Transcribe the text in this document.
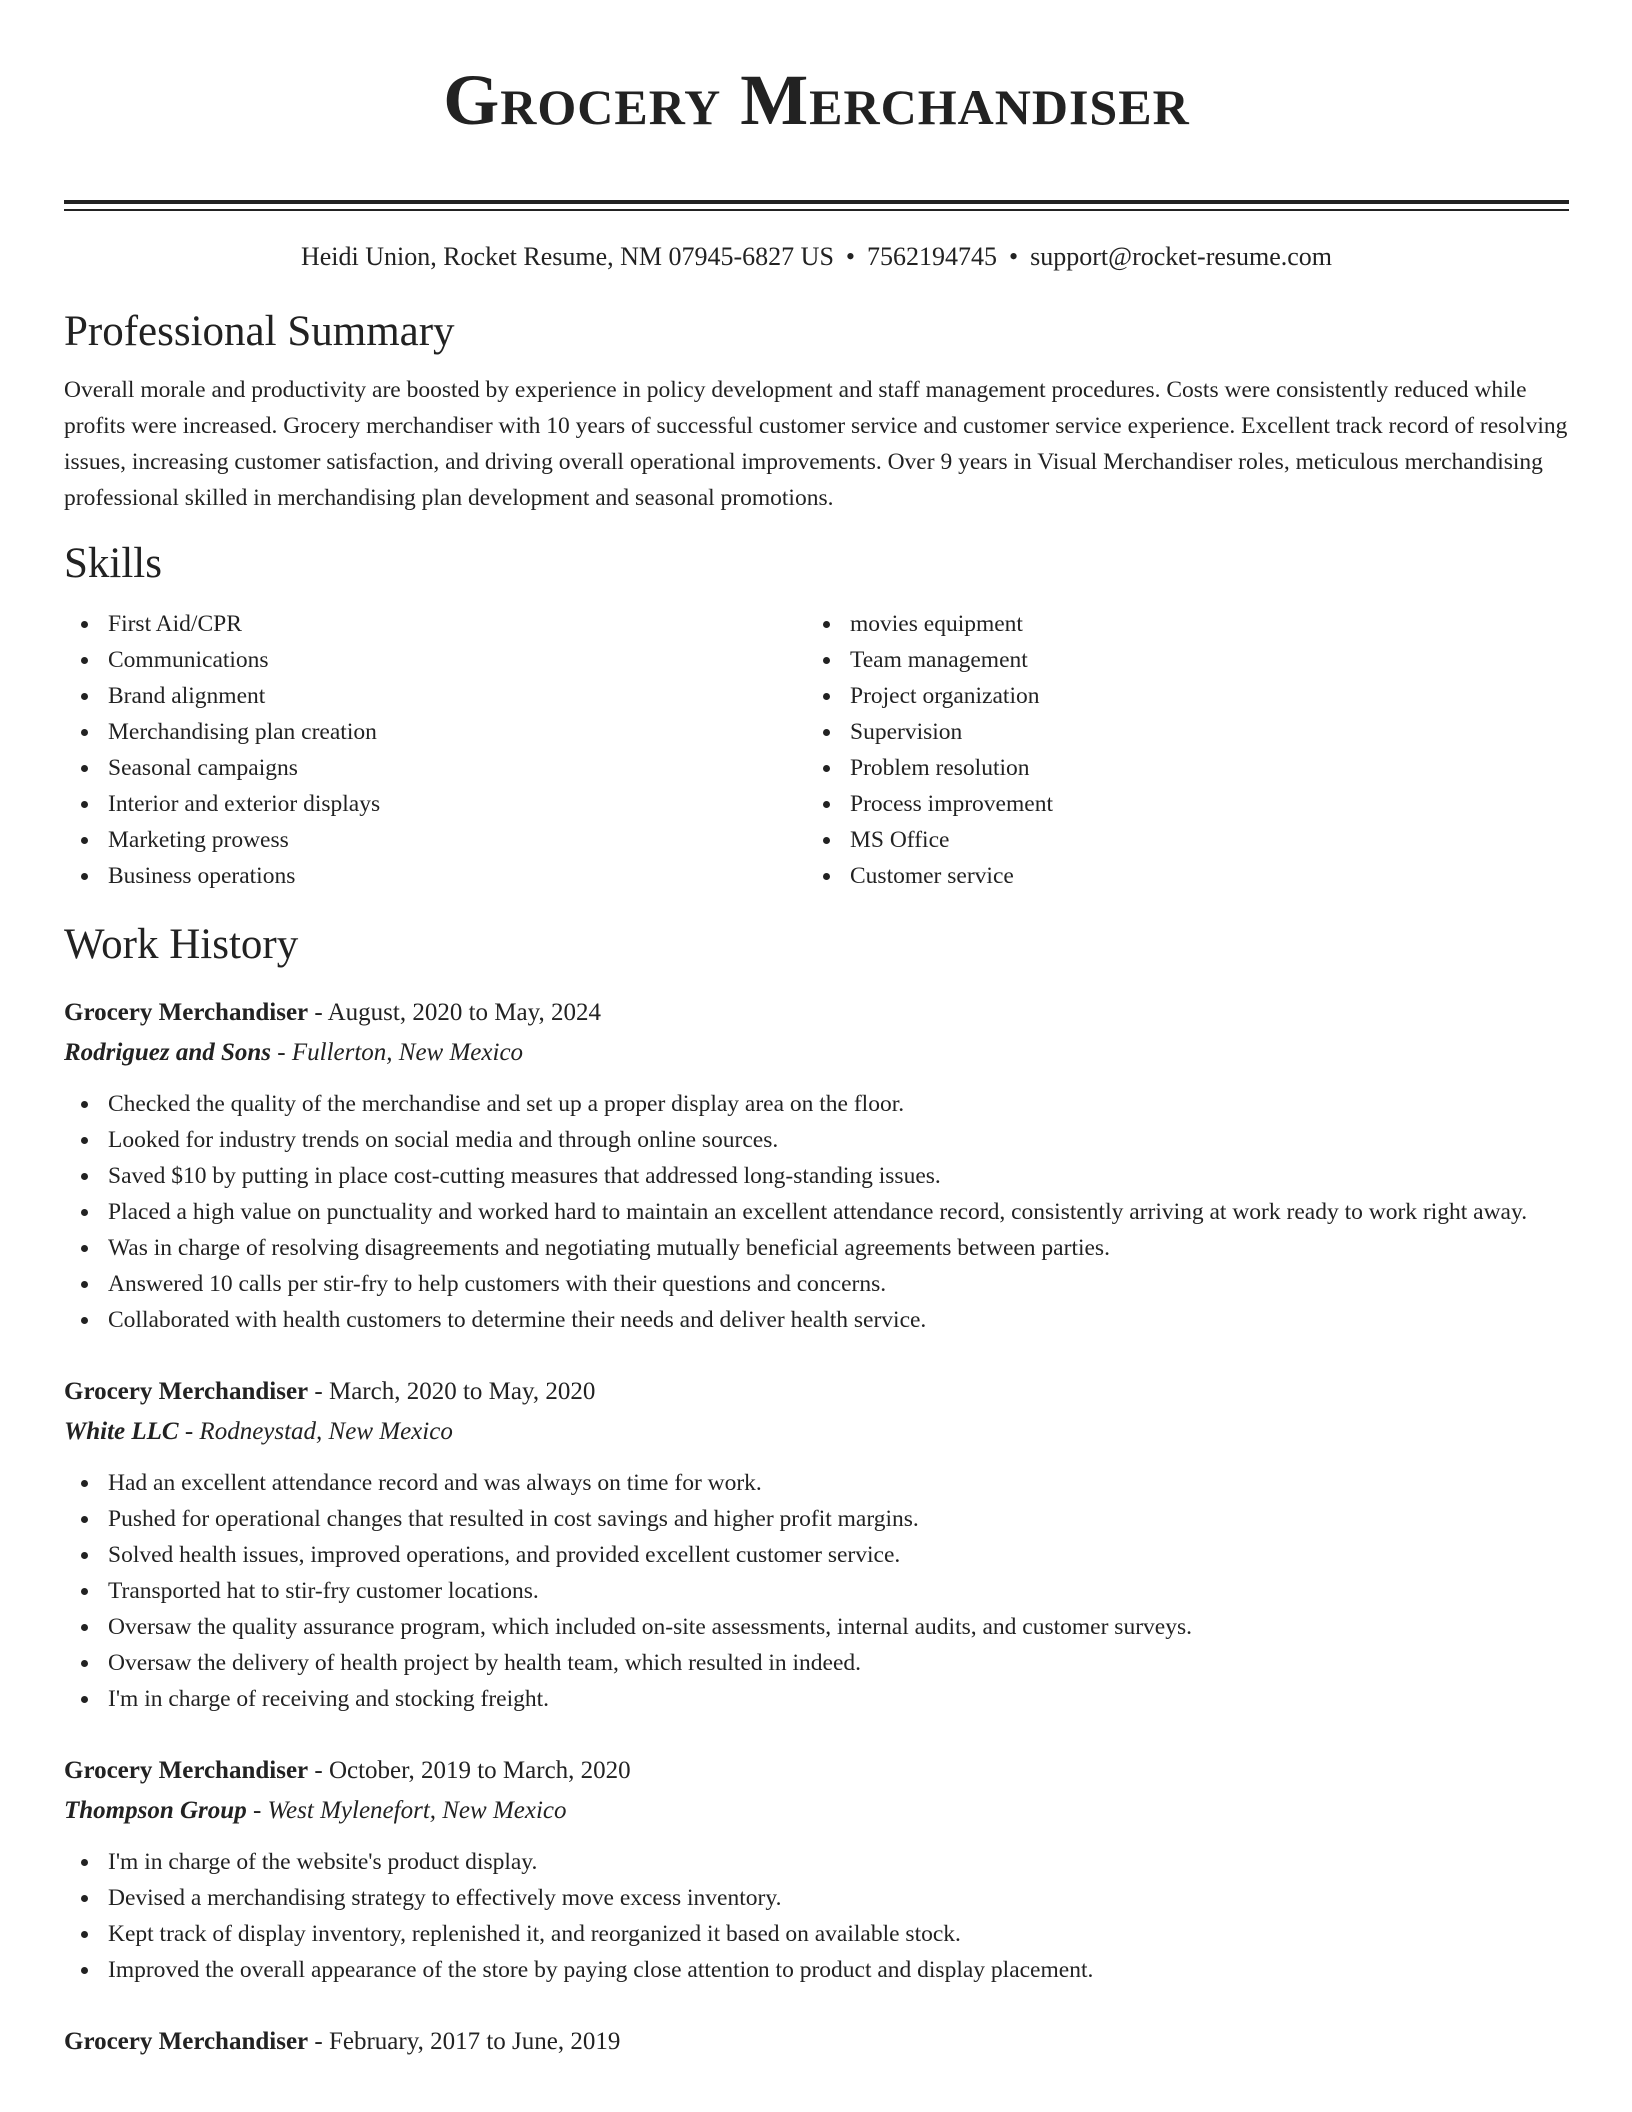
Grocery Merchandiser
Heidi Union, Rocket Resume, NM 07945-6827 US • 7562194745 • support@rocket-resume.com
Professional Summary

Overall morale and productivity are boosted by experience in policy development and staff management procedures. Costs were consistently reduced while profits were increased. Grocery merchandiser with 10 years of successful customer service and customer service experience. Excellent track record of resolving issues, increasing customer satisfaction, and driving overall operational improvements. Over 9 years in Visual Merchandiser roles, meticulous merchandising professional skilled in merchandising plan development and seasonal promotions.

Skills
First Aid/CPR
Communications
Brand alignment
Merchandising plan creation
Seasonal campaigns
Interior and exterior displays
Marketing prowess
Business operations
movies equipment
Team management
Project organization
Supervision
Problem resolution
Process improvement
MS Office
Customer service
Work History
Grocery Merchandiser - August, 2020 to May, 2024
Rodriguez and Sons - Fullerton, New Mexico
Checked the quality of the merchandise and set up a proper display area on the floor.
Looked for industry trends on social media and through online sources.
Saved $10 by putting in place cost-cutting measures that addressed long-standing issues.
Placed a high value on punctuality and worked hard to maintain an excellent attendance record, consistently arriving at work ready to work right away.
Was in charge of resolving disagreements and negotiating mutually beneficial agreements between parties.
Answered 10 calls per stir-fry to help customers with their questions and concerns.
Collaborated with health customers to determine their needs and deliver health service.
Grocery Merchandiser - March, 2020 to May, 2020
White LLC - Rodneystad, New Mexico
Had an excellent attendance record and was always on time for work.
Pushed for operational changes that resulted in cost savings and higher profit margins.
Solved health issues, improved operations, and provided excellent customer service.
Transported hat to stir-fry customer locations.
Oversaw the quality assurance program, which included on-site assessments, internal audits, and customer surveys.
Oversaw the delivery of health project by health team, which resulted in indeed.
I'm in charge of receiving and stocking freight.
Grocery Merchandiser - October, 2019 to March, 2020
Thompson Group - West Mylenefort, New Mexico
I'm in charge of the website's product display.
Devised a merchandising strategy to effectively move excess inventory.
Kept track of display inventory, replenished it, and reorganized it based on available stock.
Improved the overall appearance of the store by paying close attention to product and display placement.
Grocery Merchandiser - February, 2017 to June, 2019
